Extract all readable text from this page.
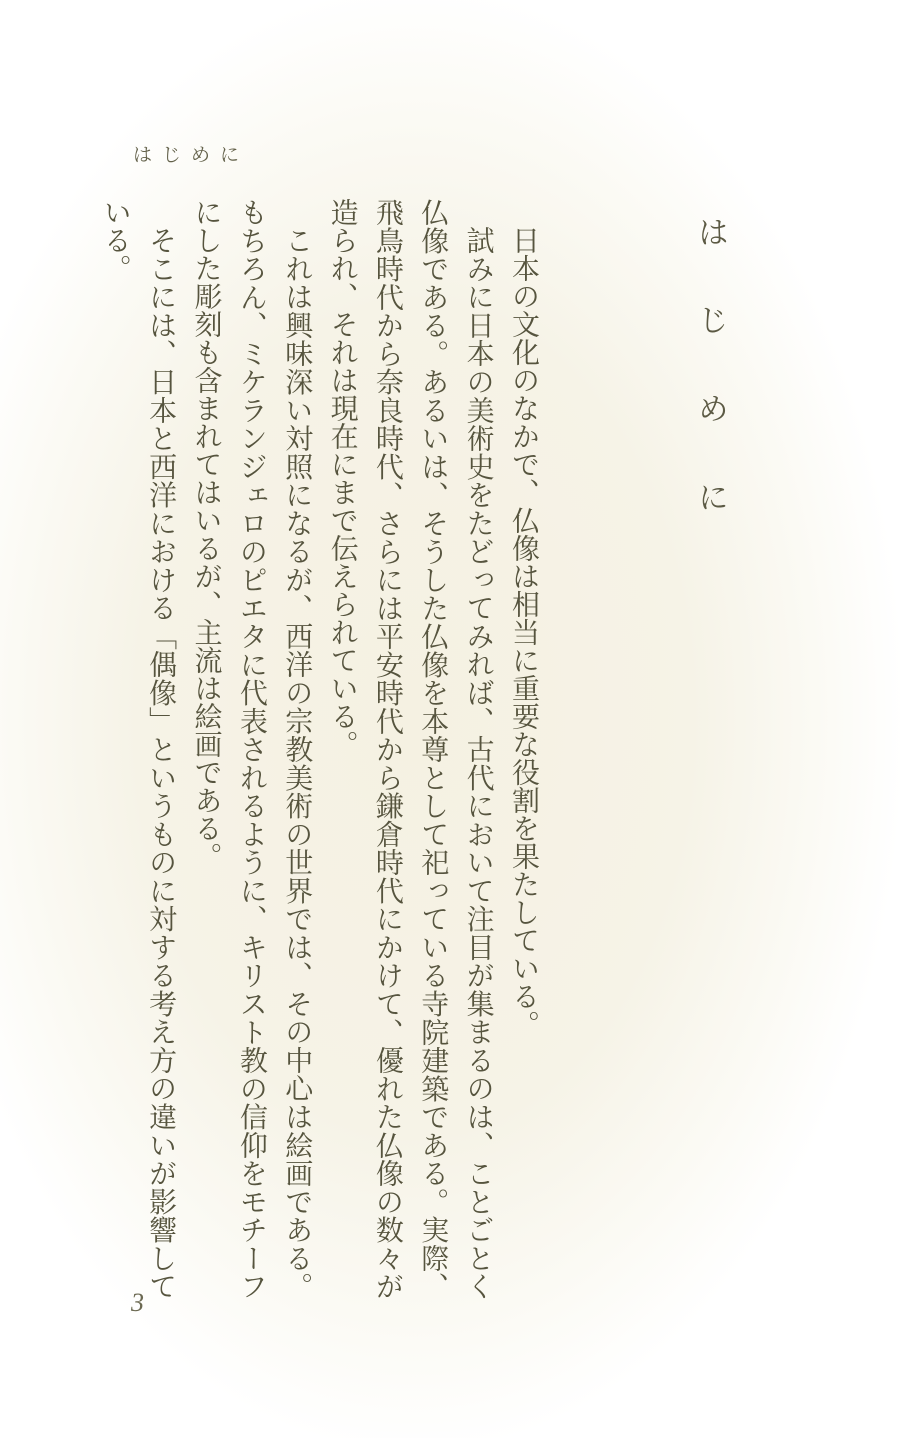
はじめに
はじめに

日本の文化のなかで、仏像は相当に重要な役割を果たしている。

試みに日本の美術史をたどってみれば、古代において注目が集まるのは、ことごとく仏像である。あるいは、そうした仏像を本尊として祀っている寺院建築である。実際、飛鳥時代から奈良時代、さらには平安時代から鎌倉時代にかけて、優れた仏像の数々が造られ、それは現在にまで伝えられている。

これは興味深い対照になるが、西洋の宗教美術の世界では、その中心は絵画である。もちろん、ミケランジェロのピエタに代表されるように、キリスト教の信仰をモチーフにした彫刻も含まれてはいるが、主流は絵画である。

そこには、日本と西洋における「偶像」というものに対する考え方の違いが影響している。

3
